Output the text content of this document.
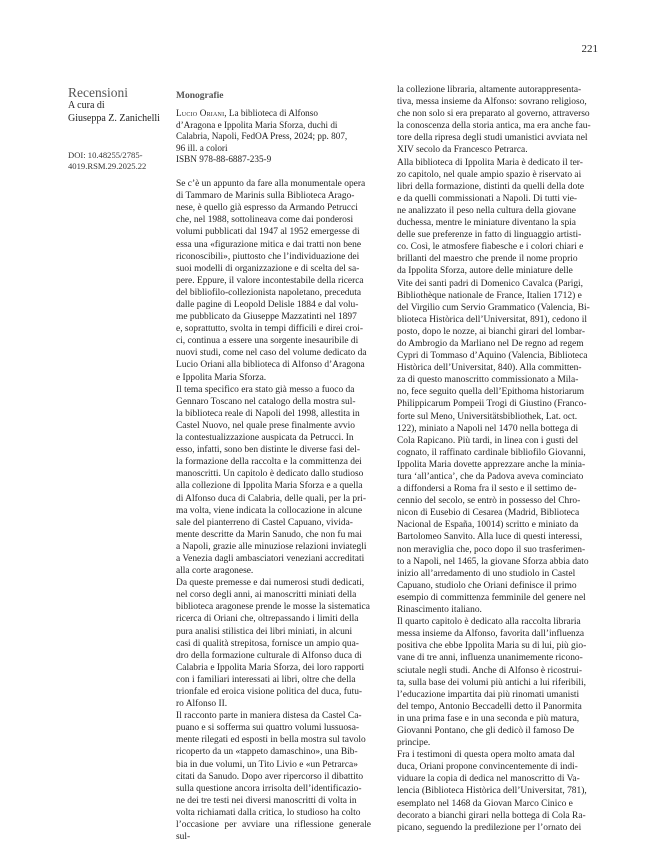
221
Recensioni
A cura di
Giuseppa Z. Zanichelli
DOI: 10.48255/2785-
4019.RSM.29.2025.22
Monografie
Lucio Oriani, La biblioteca di Alfonso
d’Aragona e Ippolita Maria Sforza, duchi di
Calabria, Napoli, FedOA Press, 2024; pp. 807,
96 ill. a colori
ISBN 978-88-6887-235-9

Se c’è un appunto da fare alla monumentale opera

di Tammaro de Marinis sulla Biblioteca Arago-

nese, è quello già espresso da Armando Petrucci

che, nel 1988, sottolineava come dai ponderosi

volumi pubblicati dal 1947 al 1952 emergesse di

essa una «figurazione mitica e dai tratti non bene

riconoscibili», piuttosto che l’individuazione dei

suoi modelli di organizzazione e di scelta del sa-

pere. Eppure, il valore incontestabile della ricerca

del bibliofilo-collezionista napoletano, preceduta

dalle pagine di Leopold Delisle 1884 e dal volu-

me pubblicato da Giuseppe Mazzatinti nel 1897

e, soprattutto, svolta in tempi difficili e direi croi-

ci, continua a essere una sorgente inesauribile di

nuovi studi, come nel caso del volume dedicato da

Lucio Oriani alla biblioteca di Alfonso d’Aragona

e Ippolita Maria Sforza.

Il tema specifico era stato già messo a fuoco da

Gennaro Toscano nel catalogo della mostra sul-

la biblioteca reale di Napoli del 1998, allestita in

Castel Nuovo, nel quale prese finalmente avvio

la contestualizzazione auspicata da Petrucci. In

esso, infatti, sono ben distinte le diverse fasi del-

la formazione della raccolta e la committenza dei

manoscritti. Un capitolo è dedicato dallo studioso

alla collezione di Ippolita Maria Sforza e a quella

di Alfonso duca di Calabria, delle quali, per la pri-

ma volta, viene indicata la collocazione in alcune

sale del pianterreno di Castel Capuano, vivida-

mente descritte da Marin Sanudo, che non fu mai

a Napoli, grazie alle minuziose relazioni inviategli

a Venezia dagli ambasciatori veneziani accreditati

alla corte aragonese.

Da queste premesse e dai numerosi studi dedicati,

nel corso degli anni, ai manoscritti miniati della

biblioteca aragonese prende le mosse la sistematica

ricerca di Oriani che, oltrepassando i limiti della

pura analisi stilistica dei libri miniati, in alcuni

casi di qualità strepitosa, fornisce un ampio qua-

dro della formazione culturale di Alfonso duca di

Calabria e Ippolita Maria Sforza, dei loro rapporti

con i familiari interessati ai libri, oltre che della

trionfale ed eroica visione politica del duca, futu-

ro Alfonso II.

Il racconto parte in maniera distesa da Castel Ca-

puano e si sofferma sui quattro volumi lussuosa-

mente rilegati ed esposti in bella mostra sul tavolo

ricoperto da un «tappeto damaschino», una Bib-

bia in due volumi, un Tito Livio e «un Petrarca»

citati da Sanudo. Dopo aver ripercorso il dibattito

sulla questione ancora irrisolta dell’identificazio-

ne dei tre testi nei diversi manoscritti di volta in

volta richiamati dalla critica, lo studioso ha colto

l’occasione per avviare una riflessione generale sul-

la collezione libraria, altamente autorappresenta-

tiva, messa insieme da Alfonso: sovrano religioso,

che non solo si era preparato al governo, attraverso

la conoscenza della storia antica, ma era anche fau-

tore della ripresa degli studi umanistici avviata nel

XIV secolo da Francesco Petrarca.

Alla biblioteca di Ippolita Maria è dedicato il ter-

zo capitolo, nel quale ampio spazio è riservato ai

libri della formazione, distinti da quelli della dote

e da quelli commissionati a Napoli. Di tutti vie-

ne analizzato il peso nella cultura della giovane

duchessa, mentre le miniature diventano la spia

delle sue preferenze in fatto di linguaggio artisti-

co. Così, le atmosfere fiabesche e i colori chiari e

brillanti del maestro che prende il nome proprio

da Ippolita Sforza, autore delle miniature delle

Vite dei santi padri di Domenico Cavalca (Parigi,

Bibliothèque nationale de France, Italien 1712) e

del Virgilio cum Servio Grammatico (Valencia, Bi-

blioteca Històrica dell’Universitat, 891), cedono il

posto, dopo le nozze, ai bianchi girari del lombar-

do Ambrogio da Marliano nel De regno ad regem

Cypri di Tommaso d’Aquino (Valencia, Biblioteca

Històrica dell’Universitat, 840). Alla committen-

za di questo manoscritto commissionato a Mila-

no, fece seguito quella dell’Epithoma historiarum

Philippicarum Pompeii Trogi di Giustino (Franco-

forte sul Meno, Universitätsbibliothek, Lat. oct.

122), miniato a Napoli nel 1470 nella bottega di

Cola Rapicano. Più tardi, in linea con i gusti del

cognato, il raffinato cardinale bibliofilo Giovanni,

Ippolita Maria dovette apprezzare anche la minia-

tura ‘all’antica’, che da Padova aveva cominciato

a diffondersi a Roma fra il sesto e il settimo de-

cennio del secolo, se entrò in possesso del Chro-

nicon di Eusebio di Cesarea (Madrid, Biblioteca

Nacional de España, 10014) scritto e miniato da

Bartolomeo Sanvito. Alla luce di questi interessi,

non meraviglia che, poco dopo il suo trasferimen-

to a Napoli, nel 1465, la giovane Sforza abbia dato

inizio all’arredamento di uno studiolo in Castel

Capuano, studiolo che Oriani definisce il primo

esempio di committenza femminile del genere nel

Rinascimento italiano.

Il quarto capitolo è dedicato alla raccolta libraria

messa insieme da Alfonso, favorita dall’influenza

positiva che ebbe Ippolita Maria su di lui, più gio-

vane di tre anni, influenza unanimemente ricono-

sciutale negli studi. Anche di Alfonso è ricostrui-

ta, sulla base dei volumi più antichi a lui riferibili,

l’educazione impartita dai più rinomati umanisti

del tempo, Antonio Beccadelli detto il Panormita

in una prima fase e in una seconda e più matura,

Giovanni Pontano, che gli dedicò il famoso De

principe.

Fra i testimoni di questa opera molto amata dal

duca, Oriani propone convincentemente di indi-

viduare la copia di dedica nel manoscritto di Va-

lencia (Biblioteca Històrica dell’Universitat, 781),

esemplato nel 1468 da Giovan Marco Cinico e

decorato a bianchi girari nella bottega di Cola Ra-

picano, seguendo la predilezione per l’ornato dei
